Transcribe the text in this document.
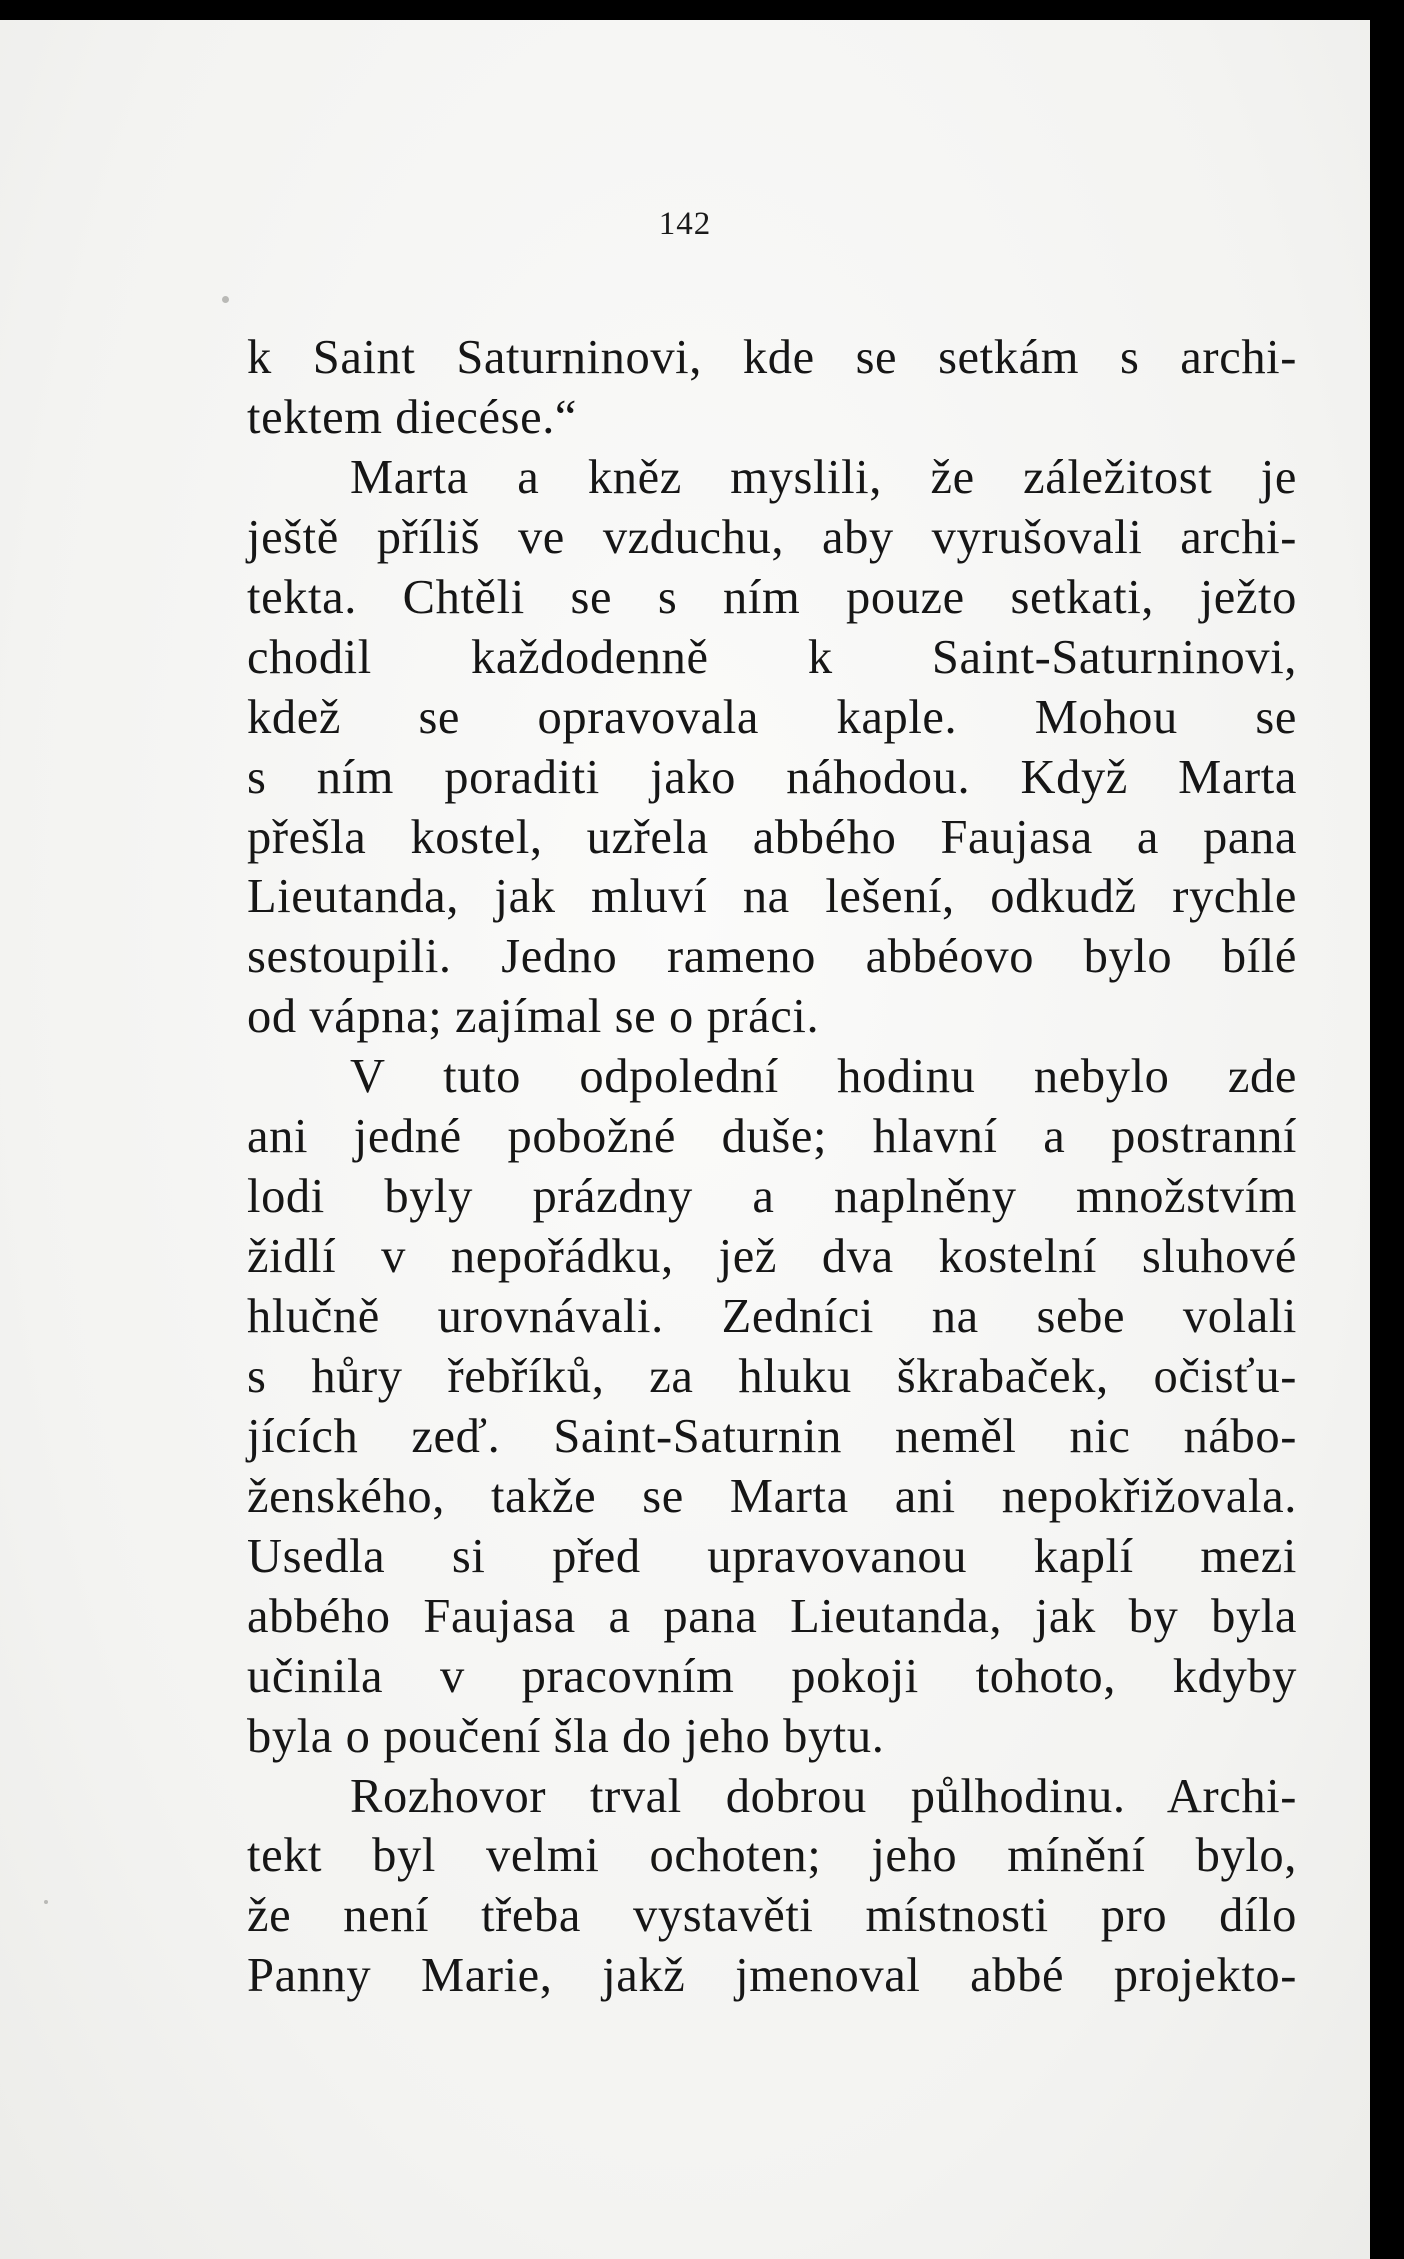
142
k Saint Saturninovi, kde se setkám s archi-
tektem diecése.“
Marta a kněz myslili, že záležitost je
ještě příliš ve vzduchu, aby vyrušovali archi-
tekta. Chtěli se s ním pouze setkati, ježto
chodil každodenně k Saint-Saturninovi,
kdež se opravovala kaple. Mohou se
s ním poraditi jako náhodou. Když Marta
přešla kostel, uzřela abbého Faujasa a pana
Lieutanda, jak mluví na lešení, odkudž rychle
sestoupili. Jedno rameno abbéovo bylo bílé
od vápna; zajímal se o práci.
V tuto odpolední hodinu nebylo zde
ani jedné pobožné duše; hlavní a postranní
lodi byly prázdny a naplněny množstvím
židlí v nepořádku, jež dva kostelní sluhové
hlučně urovnávali. Zedníci na sebe volali
s hůry řebříků, za hluku škrabaček, očisťu-
jících zeď. Saint-Saturnin neměl nic nábo-
ženského, takže se Marta ani nepokřižovala.
Usedla si před upravovanou kaplí mezi
abbého Faujasa a pana Lieutanda, jak by byla
učinila v pracovním pokoji tohoto, kdyby
byla o poučení šla do jeho bytu.
Rozhovor trval dobrou půlhodinu. Archi-
tekt byl velmi ochoten; jeho mínění bylo,
že není třeba vystavěti místnosti pro dílo
Panny Marie, jakž jmenoval abbé projekto-
